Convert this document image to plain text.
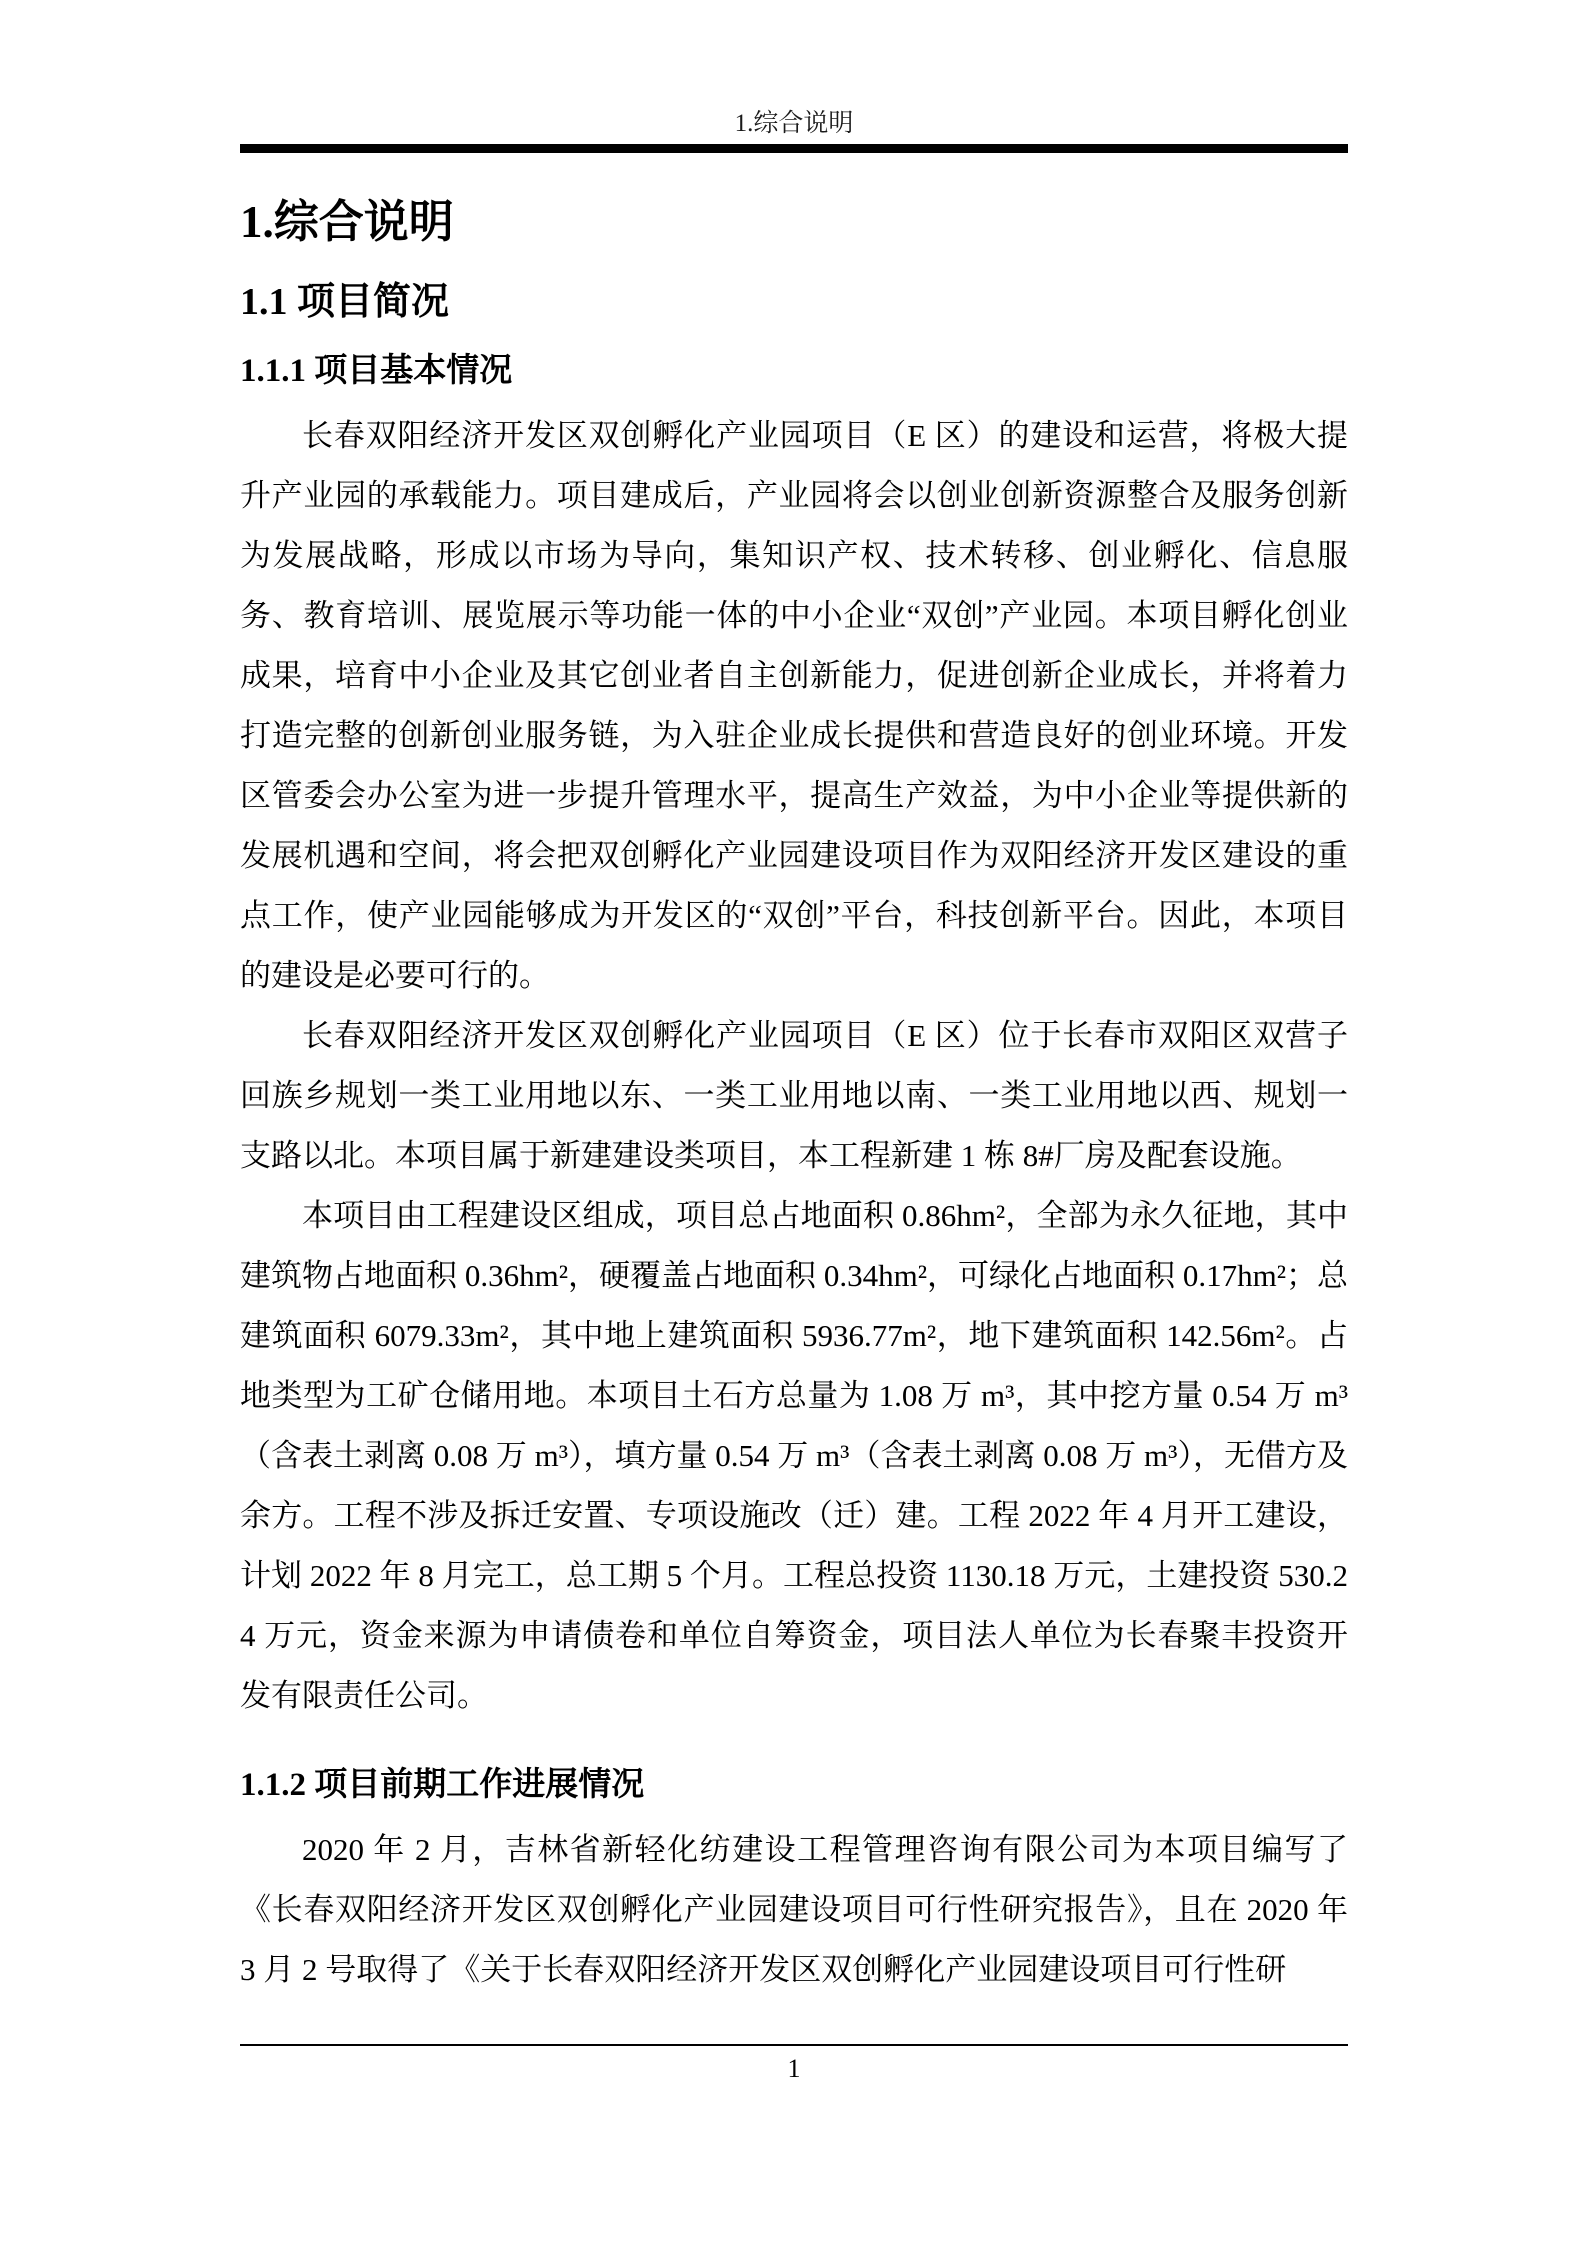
1.综合说明
1.综合说明
1.1 项目简况
1.1.1 项目基本情况

长春双阳经济开发区双创孵化产业园项目（E 区）的建设和运营，将极大提升产业园的承载能力。项目建成后，产业园将会以创业创新资源整合及服务创新为发展战略，形成以市场为导向，集知识产权、技术转移、创业孵化、信息服务、教育培训、展览展示等功能一体的中小企业“双创”产业园。本项目孵化创业成果，培育中小企业及其它创业者自主创新能力，促进创新企业成长，并将着力打造完整的创新创业服务链，为入驻企业成长提供和营造良好的创业环境。开发区管委会办公室为进一步提升管理水平，提高生产效益，为中小企业等提供新的发展机遇和空间，将会把双创孵化产业园建设项目作为双阳经济开发区建设的重点工作，使产业园能够成为开发区的“双创”平台，科技创新平台。因此，本项目的建设是必要可行的。

长春双阳经济开发区双创孵化产业园项目（E 区）位于长春市双阳区双营子回族乡规划一类工业用地以东、一类工业用地以南、一类工业用地以西、规划一支路以北。本项目属于新建建设类项目，本工程新建 1 栋 8#厂房及配套设施。

本项目由工程建设区组成，项目总占地面积 0.86hm²，全部为永久征地，其中建筑物占地面积 0.36hm²，硬覆盖占地面积 0.34hm²，可绿化占地面积 0.17hm²；总建筑面积 6079.33m²，其中地上建筑面积 5936.77m²，地下建筑面积 142.56m²。占地类型为工矿仓储用地。本项目土石方总量为 1.08 万 m³，其中挖方量 0.54 万 m³（含表土剥离 0.08 万 m³），填方量 0.54 万 m³（含表土剥离 0.08 万 m³），无借方及余方。工程不涉及拆迁安置、专项设施改（迁）建。工程 2022 年 4 月开工建设，计划 2022 年 8 月完工，总工期 5 个月。工程总投资 1130.18 万元，土建投资 530.24 万元，资金来源为申请债卷和单位自筹资金，项目法人单位为长春聚丰投资开发有限责任公司。

1.1.2 项目前期工作进展情况

2020 年 2 月，吉林省新轻化纺建设工程管理咨询有限公司为本项目编写了《长春双阳经济开发区双创孵化产业园建设项目可行性研究报告》，且在 2020 年 3 月 2 号取得了《关于长春双阳经济开发区双创孵化产业园建设项目可行性研

1
